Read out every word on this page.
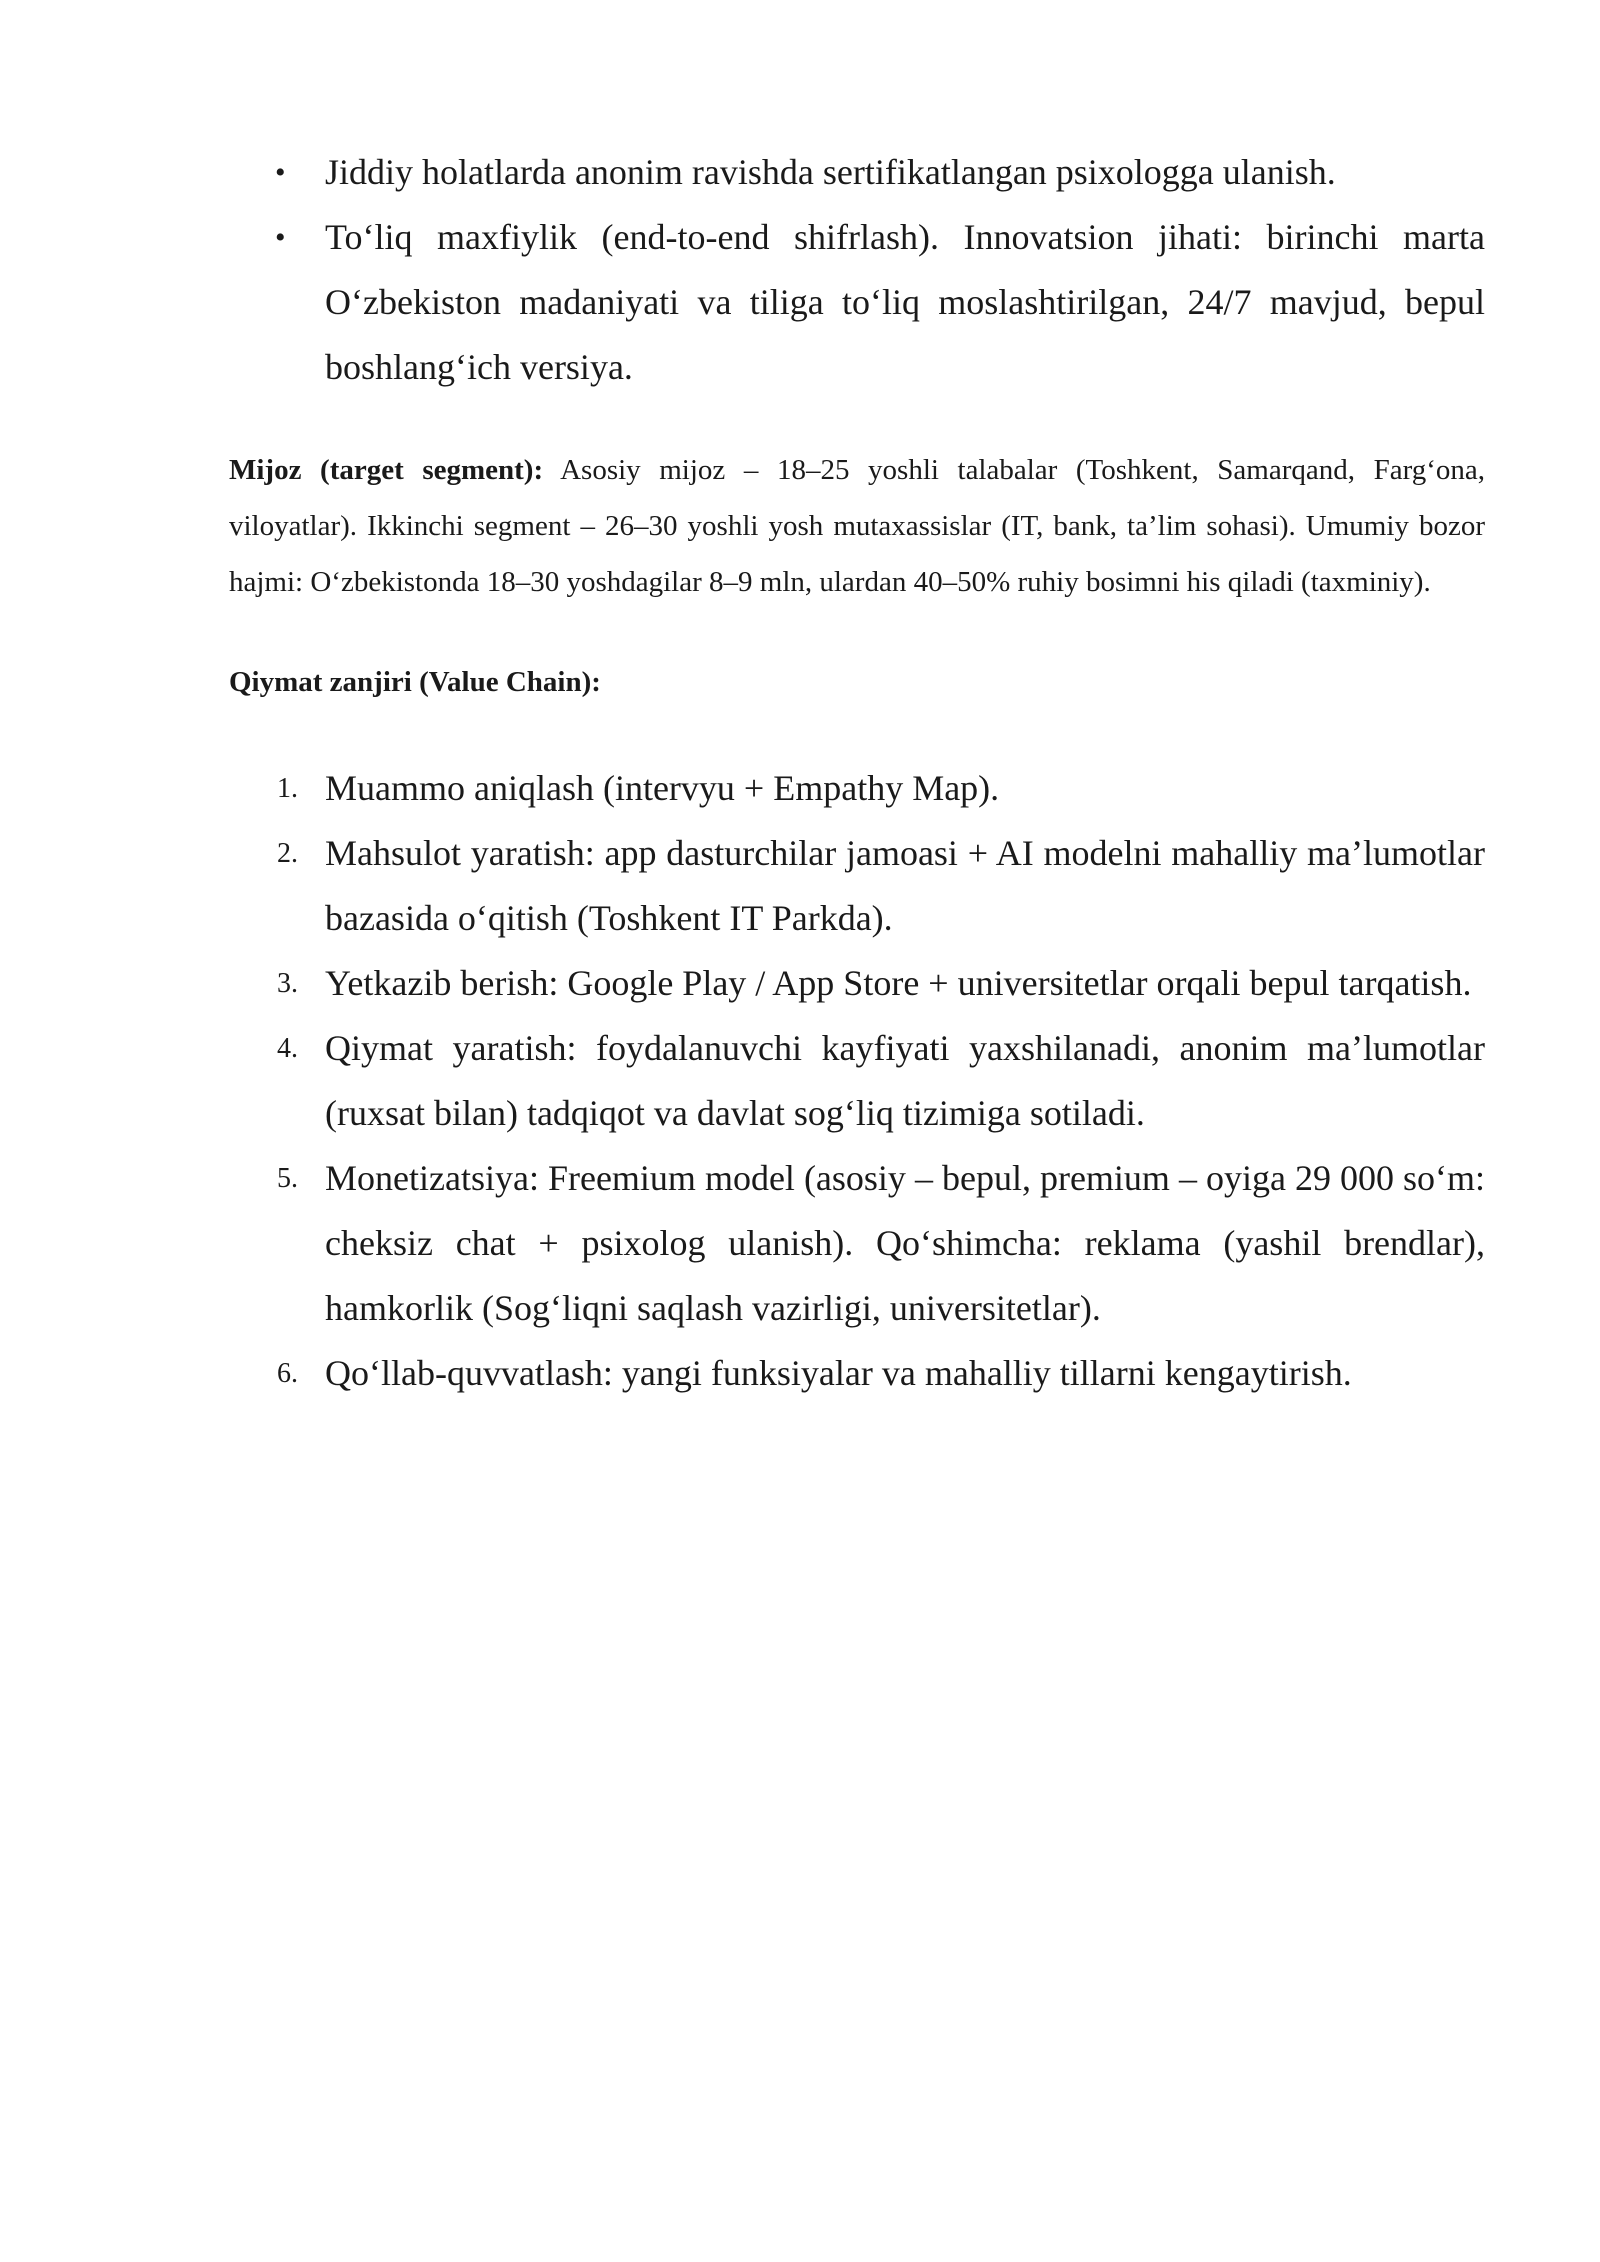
• Jiddiy holatlarda anonim ravishda sertifikatlangan psixologga ulanish.
• To‘liq maxfiylik (end-to-end shifrlash). Innovatsion jihati: birinchi marta O‘zbekiston madaniyati va tiliga to‘liq moslashtirilgan, 24/7 mavjud, bepul boshlang‘ich versiya.

Mijoz (target segment): Asosiy mijoz – 18–25 yoshli talabalar (Toshkent, Samarqand, Farg‘ona, viloyatlar). Ikkinchi segment – 26–30 yoshli yosh mutaxassislar (IT, bank, ta’lim sohasi). Umumiy bozor hajmi: O‘zbekistonda 18–30 yoshdagilar 8–9 mln, ulardan 40–50% ruhiy bosimni his qiladi (taxminiy).

Qiymat zanjiri (Value Chain):
1. Muammo aniqlash (intervyu + Empathy Map).
2. Mahsulot yaratish: app dasturchilar jamoasi + AI modelni mahalliy ma’lumotlar bazasida o‘qitish (Toshkent IT Parkda).
3. Yetkazib berish: Google Play / App Store + universitetlar orqali bepul tarqatish.
4. Qiymat yaratish: foydalanuvchi kayfiyati yaxshilanadi, anonim ma’lumotlar (ruxsat bilan) tadqiqot va davlat sog‘liq tizimiga sotiladi.
5. Monetizatsiya: Freemium model (asosiy – bepul, premium – oyiga 29 000 so‘m: cheksiz chat + psixolog ulanish). Qo‘shimcha: reklama (yashil brendlar), hamkorlik (Sog‘liqni saqlash vazirligi, universitetlar).
6. Qo‘llab-quvvatlash: yangi funksiyalar va mahalliy tillarni kengaytirish.
